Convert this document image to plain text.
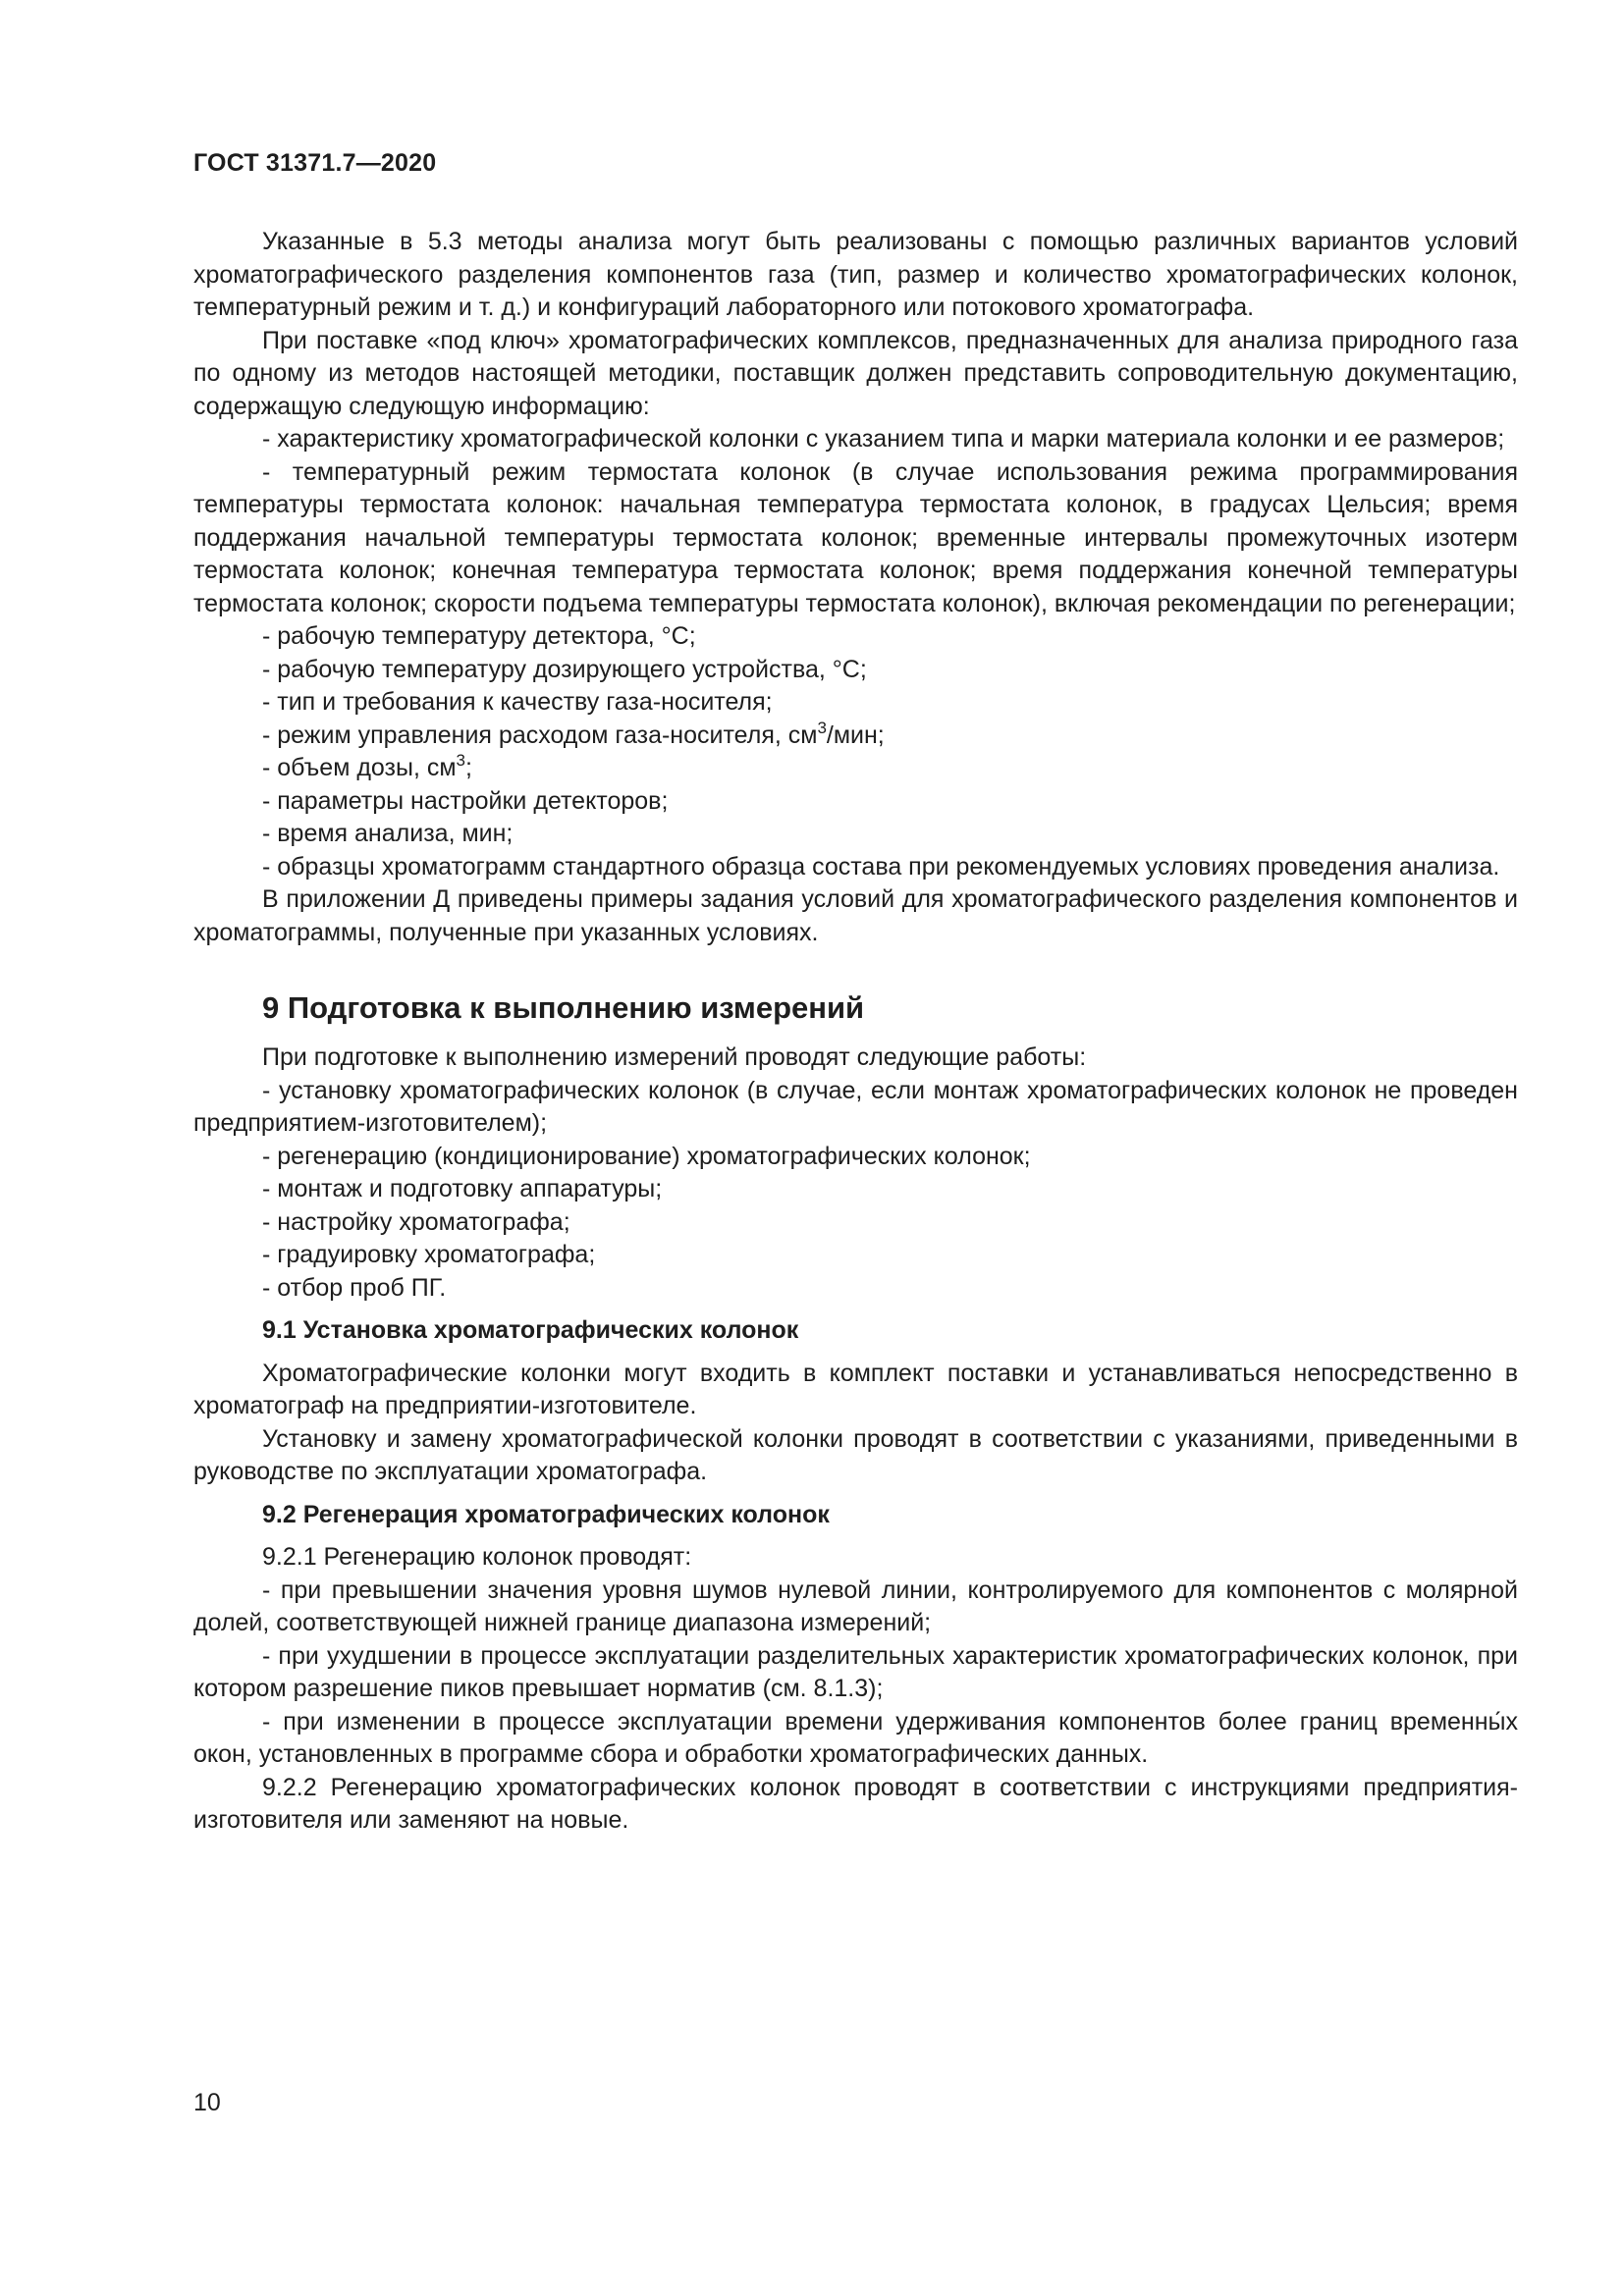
ГОСТ 31371.7—2020

Указанные в 5.3 методы анализа могут быть реализованы с помощью различных вариантов условий хроматографического разделения компонентов газа (тип, размер и количество хроматографических колонок, температурный режим и т. д.) и конфигураций лабораторного или потокового хроматографа.

При поставке «под ключ» хроматографических комплексов, предназначенных для анализа природного газа по одному из методов настоящей методики, поставщик должен представить сопроводительную документацию, содержащую следующую информацию:

- характеристику хроматографической колонки с указанием типа и марки материала колонки и ее размеров;

- температурный режим термостата колонок (в случае использования режима программирования температуры термостата колонок: начальная температура термостата колонок, в градусах Цельсия; время поддержания начальной температуры термостата колонок; временные интервалы промежуточных изотерм термостата колонок; конечная температура термостата колонок; время поддержания конечной температуры термостата колонок; скорости подъема температуры термостата колонок), включая рекомендации по регенерации;

- рабочую температуру детектора, °С;

- рабочую температуру дозирующего устройства, °С;

- тип и требования к качеству газа-носителя;

- режим управления расходом газа-носителя, $см^3$/мин;

- объем дозы, $см^3$;

- параметры настройки детекторов;

- время анализа, мин;

- образцы хроматограмм стандартного образца состава при рекомендуемых условиях проведения анализа.

В приложении Д приведены примеры задания условий для хроматографического разделения компонентов и хроматограммы, полученные при указанных условиях.

9 Подготовка к выполнению измерений

При подготовке к выполнению измерений проводят следующие работы:

- установку хроматографических колонок (в случае, если монтаж хроматографических колонок не проведен предприятием-изготовителем);

- регенерацию (кондиционирование) хроматографических колонок;

- монтаж и подготовку аппаратуры;

- настройку хроматографа;

- градуировку хроматографа;

- отбор проб ПГ.

9.1 Установка хроматографических колонок

Хроматографические колонки могут входить в комплект поставки и устанавливаться непосредственно в хроматограф на предприятии-изготовителе.

Установку и замену хроматографической колонки проводят в соответствии с указаниями, приведенными в руководстве по эксплуатации хроматографа.

9.2 Регенерация хроматографических колонок

9.2.1 Регенерацию колонок проводят:

- при превышении значения уровня шумов нулевой линии, контролируемого для компонентов с молярной долей, соответствующей нижней границе диапазона измерений;

- при ухудшении в процессе эксплуатации разделительных характеристик хроматографических колонок, при котором разрешение пиков превышает норматив (см. 8.1.3);

- при изменении в процессе эксплуатации времени удерживания компонентов более границ временны́х окон, установленных в программе сбора и обработки хроматографических данных.

9.2.2 Регенерацию хроматографических колонок проводят в соответствии с инструкциями предприятия-изготовителя или заменяют на новые.

10
